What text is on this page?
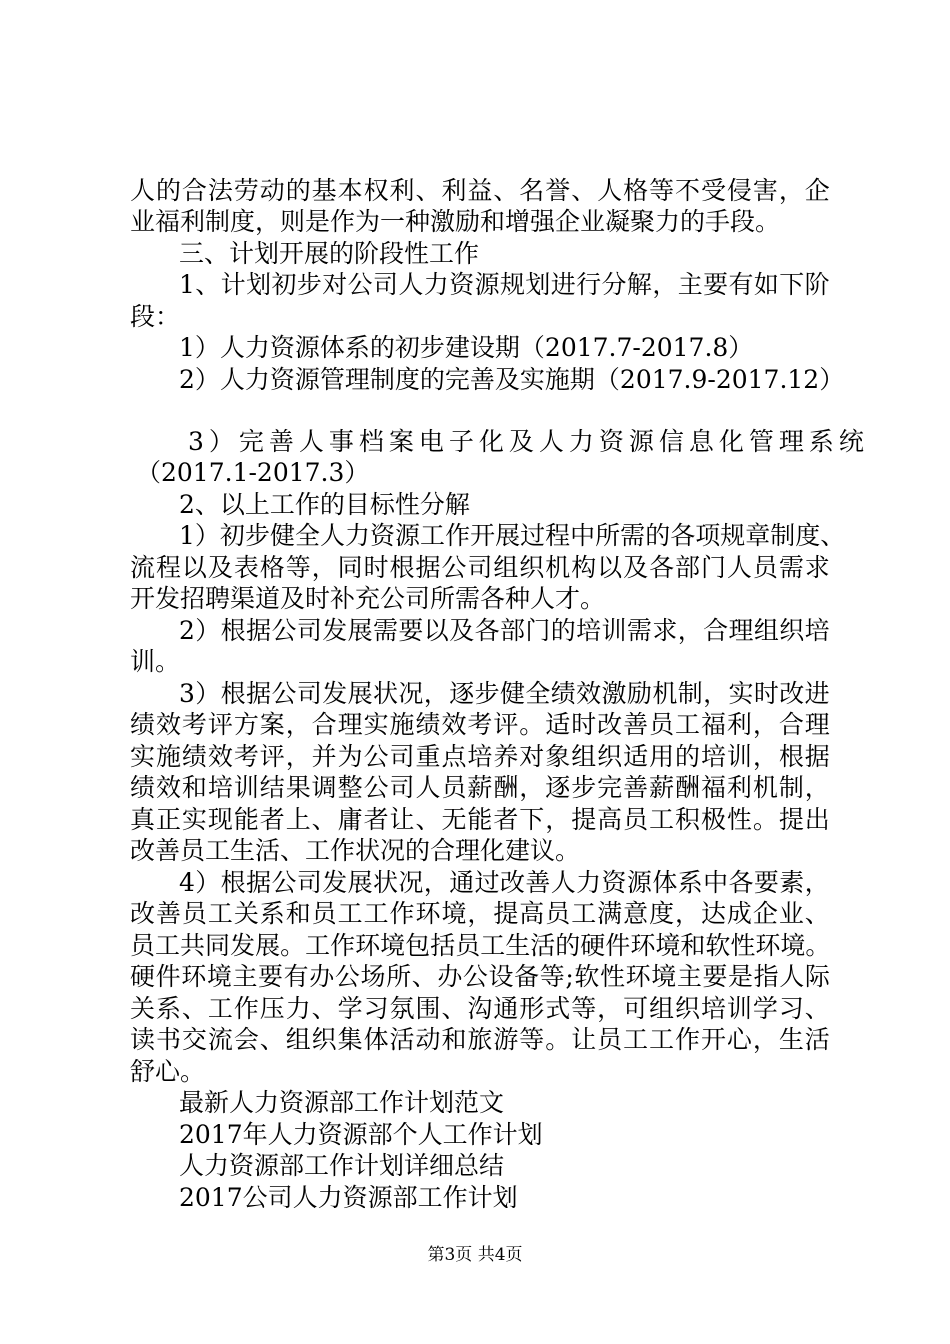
人 的 合 法 劳 动 的 基 本 权 利 、 利 益 、 名 誉 、 人 格 等 不 受 侵 害 ， 企
业福利制度，则是作为一种激励和增强企业凝聚力的手段。
三、计划开展的阶段性工作
1 、 计 划 初 步 对 公 司 人 力 资 源 规 划 进 行 分 解 ， 主 要 有 如 下 阶
段：
1）人力资源体系的初步建设期（2017.7-2017.8）
2）人力资源管理制度的完善及实施期（2017.9-2017.12）
3）完善人事档案电子化及人力资源信息化管理系统
（2017.1-2017.3）
2、以上工作的目标性分解
1 ） 初 步 健 全 人 力 资 源 工 作 开 展 过 程 中 所 需 的 各 项 规 章 制 度 、
流 程 以 及 表 格 等 ， 同 时 根 据 公 司 组 织 机 构 以 及 各 部 门 人 员 需 求
开发招聘渠道及时补充公司所需各种人才。
2 ） 根 据 公 司 发 展 需 要 以 及 各 部 门 的 培 训 需 求 ， 合 理 组 织 培
训。
3 ） 根 据 公 司 发 展 状 况 ， 逐 步 健 全 绩 效 激 励 机 制 ， 实 时 改 进
绩 效 考 评 方 案 ， 合 理 实 施 绩 效 考 评 。 适 时 改 善 员 工 福 利 ， 合 理
实 施 绩 效 考 评 ， 并 为 公 司 重 点 培 养 对 象 组 织 适 用 的 培 训 ， 根 据
绩 效 和 培 训 结 果 调 整 公 司 人 员 薪 酬 ， 逐 步 完 善 薪 酬 福 利 机 制 ，
真 正 实 现 能 者 上 、 庸 者 让 、 无 能 者 下 ， 提 高 员 工 积 极 性 。 提 出
改善员工生活、工作状况的合理化建议。
4 ） 根 据 公 司 发 展 状 况 ， 通 过 改 善 人 力 资 源 体 系 中 各 要 素 ，
改 善 员 工 关 系 和 员 工 工 作 环 境 ， 提 高 员 工 满 意 度 ， 达 成 企 业 、
员 工 共 同 发 展 。 工 作 环 境 包 括 员 工 生 活 的 硬 件 环 境 和 软 性 环 境 。
硬 件 环 境 主 要 有 办 公 场 所 、 办 公 设 备 等 ; 软 性 环 境 主 要 是 指 人 际
关 系 、 工 作 压 力 、 学 习 氛 围 、 沟 通 形 式 等 ， 可 组 织 培 训 学 习 、
读 书 交 流 会 、 组 织 集 体 活 动 和 旅 游 等 。 让 员 工 工 作 开 心 ， 生 活
舒心。
最新人力资源部工作计划范文
2017年人力资源部个人工作计划
人力资源部工作计划详细总结
2017公司人力资源部工作计划
第3页 共4页
